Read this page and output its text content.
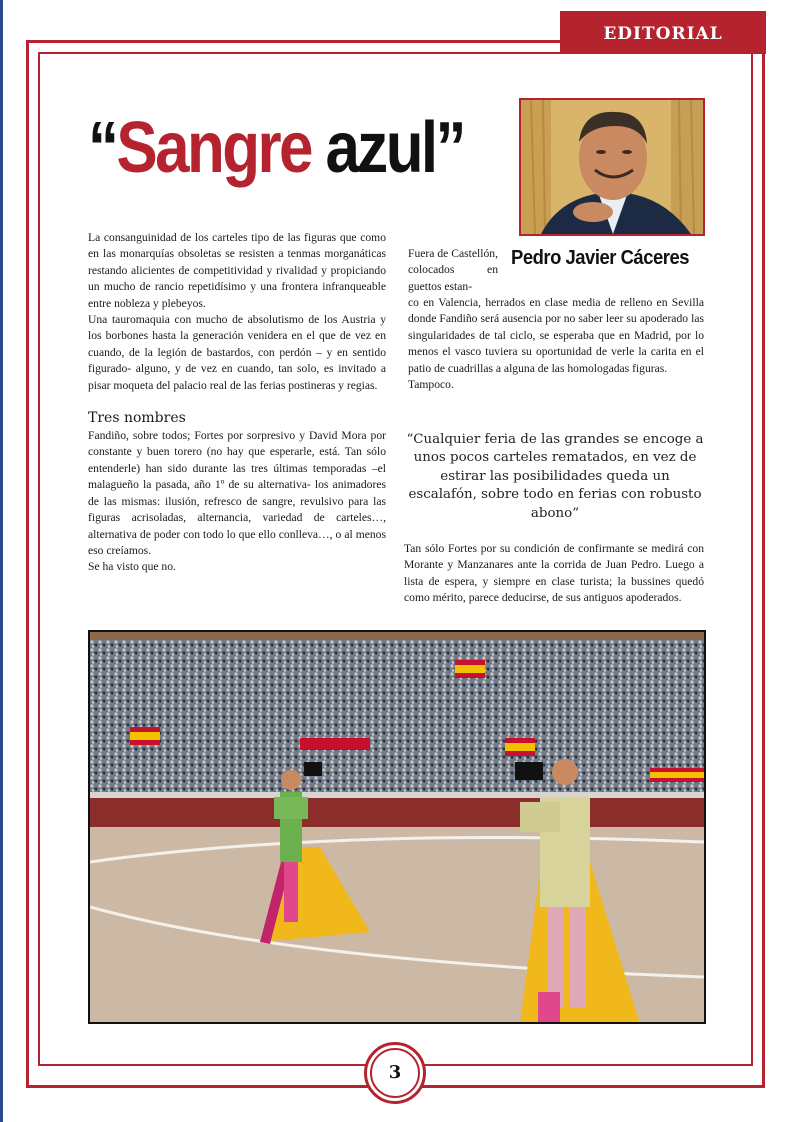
EDITORIAL
“Sangre azul”
Pedro Javier Cáceres

La consanguinidad de los carteles tipo de las figuras que como en las monarquías obsoletas se resisten a tenmas morganáticas restando alicientes de competitividad y rivalidad y propiciando un mucho de rancio repetidísimo y una frontera infranqueable entre nobleza y plebeyos.

Una tauromaquia con mucho de absolutismo de los Austria y los borbones hasta la generación venidera en el que de vez en cuando, de la legión de bastardos, con perdón – y en sentido figurado- alguno, y de vez en cuando, tan solo, es invitado a pisar moqueta del palacio real de las ferias postineras y regias.

Tres nombres

Fandiño, sobre todos; Fortes por sorpresivo y David Mora por constante y buen torero (no hay que esperarle, está. Tan sólo entenderle) han sido durante las tres últimas temporadas –el malagueño la pasada, año 1º de su alternativa- los animadores de las mismas: ilusión, refresco de sangre, revulsivo para las figuras acrisoladas, alternancia, variedad de carteles…, alternativa de poder con todo lo que ello conlleva…, o al menos eso creíamos.

Se ha visto que no.

Fuera de Castellón, colocados en guettos estan-

co en Valencia, herrados en clase media de relleno en Sevilla donde Fandiño será ausencia por no saber leer su apoderado las singularidades de tal ciclo, se esperaba que en Madrid, por lo menos el vasco tuviera su oportunidad de verle la carita en el patio de cuadrillas a alguna de las homologadas figuras.

Tampoco.

“Cualquier feria de las grandes se encoge a unos pocos carteles rematados, en vez de estirar las posibilidades queda un escalafón, sobre todo en ferias con robusto abono”

Tan sólo Fortes por su condición de confirmante se medirá con Morante y Manzanares ante la corrida de Juan Pedro. Luego a lista de espera, y siempre en clase turista; la bussines quedó como mérito, parece deducirse, de sus antiguos apoderados.

3
